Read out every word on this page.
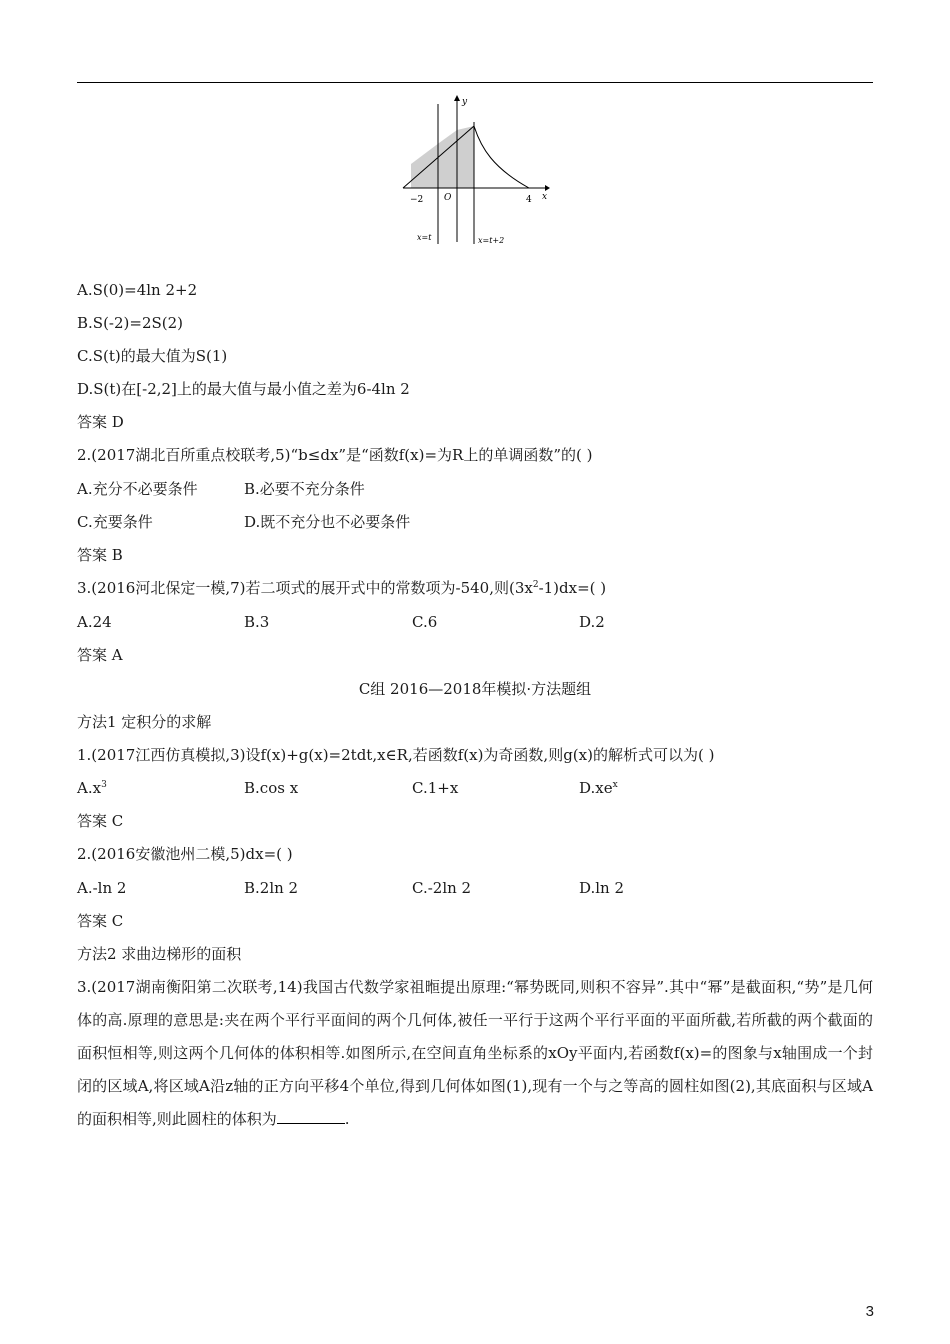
y
x
O
−2	4
x=t	x=t+2
A.S(0)=4ln 2+2
B.S(-2)=2S(2)
C.S(t)的最大值为S(1)
D.S(t)在[-2,2]上的最大值与最小值之差为6-4ln 2
答案 D
2.(2017湖北百所重点校联考,5)“b≤dx”是“函数f(x)=为R上的单调函数”的( )
A.充分不必要条件	B.必要不充分条件
C.充要条件	D.既不充分也不必要条件
答案 B
3.(2016河北保定一模,7)若二项式的展开式中的常数项为-540,则$(3x^2-1)dx=$( )
A.24	B.3	C.6	D.2
答案 A
C组 2016—2018年模拟·方法题组
方法1 定积分的求解
1.(2017江西仿真模拟,3)设f(x)+g(x)=2tdt,x∈R,若函数f(x)为奇函数,则g(x)的解析式可以为( )
$A.x^3$	B.cos x	C.1+x	$D.xe^x$
答案 C
2.(2016安徽池州二模,5)dx=( )
A.-ln 2	B.2ln 2	C.-2ln 2	D.ln 2
答案 C
方法2 求曲边梯形的面积
3.(2017湖南衡阳第二次联考,14)我国古代数学家祖暅提出原理:“幂势既同,则积不容异”.其中“幂”是截面积,“势”是几何体的高.原理的意思是:夹在两个平行平面间的两个几何体,被任一平行于这两个平行平面的平面所截,若所截的两个截面的面积恒相等,则这两个几何体的体积相等.如图所示,在空间直角坐标系的xOy平面内,若函数f(x)=的图象与x轴围成一个封闭的区域A,将区域A沿z轴的正方向平移4个单位,得到几何体如图(1),现有一个与之等高的圆柱如图(2),其底面积与区域A的面积相等,则此圆柱的体积为	.
3
